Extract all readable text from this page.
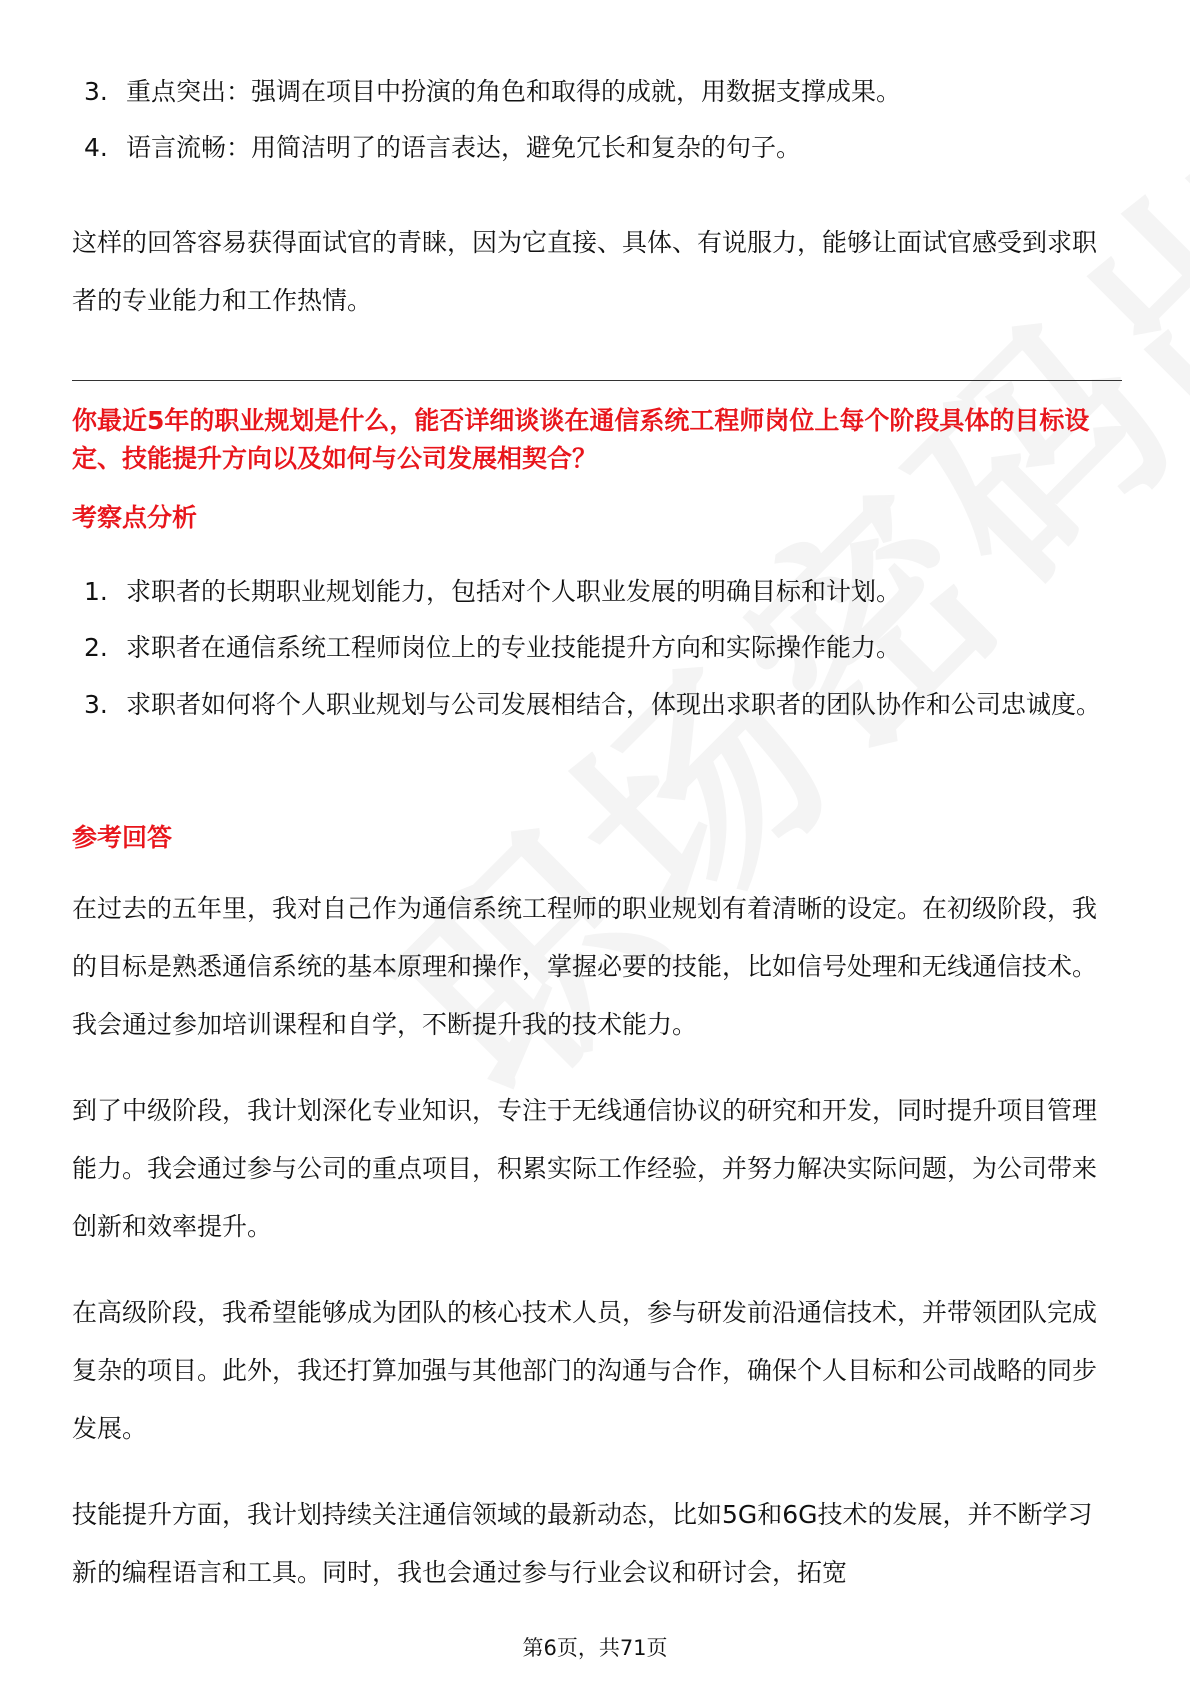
3. 重点突出：强调在项目中扮演的角色和取得的成就，用数据支撑成果。
4. 语言流畅：用简洁明了的语言表达，避免冗长和复杂的句子。

这样的回答容易获得面试官的青睐，因为它直接、具体、有说服力，能够让面试官感受到求职者的专业能力和工作热情。

你最近5年的职业规划是什么，能否详细谈谈在通信系统工程师岗位上每个阶段具体的目标设定、技能提升方向以及如何与公司发展相契合？

考察点分析

1. 求职者的长期职业规划能力，包括对个人职业发展的明确目标和计划。
2. 求职者在通信系统工程师岗位上的专业技能提升方向和实际操作能力。
3. 求职者如何将个人职业规划与公司发展相结合，体现出求职者的团队协作和公司忠诚度。

参考回答

在过去的五年里，我对自己作为通信系统工程师的职业规划有着清晰的设定。在初级阶段，我的目标是熟悉通信系统的基本原理和操作，掌握必要的技能，比如信号处理和无线通信技术。我会通过参加培训课程和自学，不断提升我的技术能力。

到了中级阶段，我计划深化专业知识，专注于无线通信协议的研究和开发，同时提升项目管理能力。我会通过参与公司的重点项目，积累实际工作经验，并努力解决实际问题，为公司带来创新和效率提升。

在高级阶段，我希望能够成为团队的核心技术人员，参与研发前沿通信技术，并带领团队完成复杂的项目。此外，我还打算加强与其他部门的沟通与合作，确保个人目标和公司战略的同步发展。

技能提升方面，我计划持续关注通信领域的最新动态，比如5G和6G技术的发展，并不断学习新的编程语言和工具。同时，我也会通过参与行业会议和研讨会，拓宽

第6页，共71页
